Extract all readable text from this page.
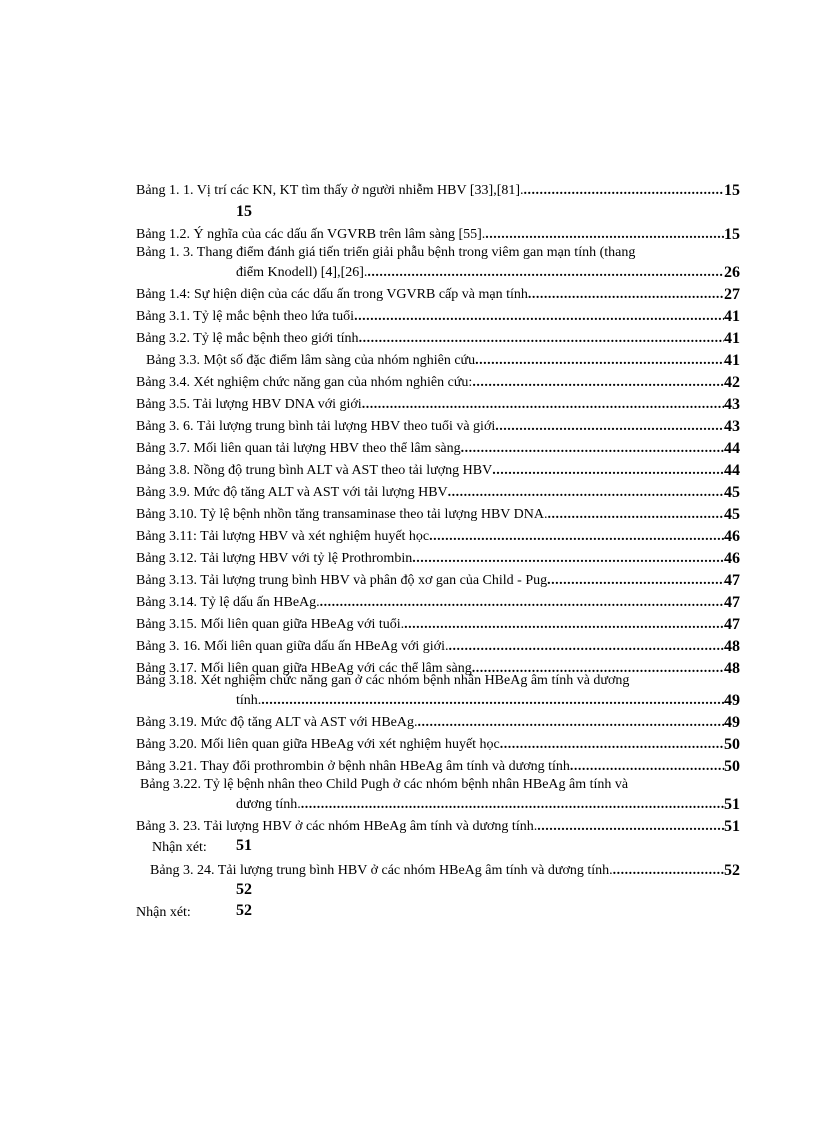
Bảng 1. 1. Vị trí các KN, KT tìm thấy ở người nhiễm HBV [33],[81]. .....	15
15
Bảng 1.2. Ý nghĩa của các dấu ấn VGVRB trên lâm sàng [55]. .....	15
Bảng 1. 3. Thang điểm đánh giá tiến triển giải phẫu bệnh trong viêm gan mạn tính (thang
điểm Knodell) [4],[26]. .....	26
Bảng 1.4: Sự hiện diện của các dấu ấn trong VGVRB cấp và mạn tính .....	27
Bảng 3.1. Tỷ lệ mắc bệnh theo lứa tuổi .....	41
Bảng 3.2. Tỷ lệ mắc bệnh theo giới tính .....	41
Bảng 3.3. Một số đặc điểm lâm sàng của nhóm nghiên cứu .....	41
Bảng 3.4. Xét nghiệm chức năng gan của nhóm nghiên cứu: .....	42
Bảng 3.5. Tải lượng HBV DNA với giới .....	43
Bảng 3. 6. Tải lượng trung bình tải lượng HBV theo tuổi và giới .....	43
Bảng 3.7. Mối liên quan tải lượng HBV theo thể lâm sàng .....	44
Bảng 3.8. Nồng độ trung bình ALT và AST theo tải lượng HBV .....	44
Bảng 3.9. Mức độ tăng ALT và AST với tải lượng HBV .....	45
Bảng 3.10. Tỷ lệ bệnh nhồn tăng transaminase theo tải lượng HBV DNA. .....	45
Bảng 3.11: Tải lượng HBV và xét nghiệm huyết học .....	46
Bảng 3.12. Tải lượng HBV với tỷ lệ Prothrombin .....	46
Bảng 3.13. Tải lượng trung bình HBV và phân độ xơ gan của Child - Pug .....	47
Bảng 3.14. Tỷ lệ dấu ấn HBeAg. .....	47
Bảng 3.15. Mối liên quan giữa HBeAg với tuổi. .....	47
Bảng 3. 16. Mối liên quan giữa dấu ấn HBeAg với giới. .....	48
Bảng 3.17. Mối liên quan giữa HBeAg với các thể lâm sàng .....	48
Bảng 3.18. Xét nghiệm chức năng gan ở các nhóm bệnh nhân HBeAg âm tính và dương
tính. .....	49
Bảng 3.19. Mức độ tăng ALT và AST với HBeAg. .....	49
Bảng 3.20. Mối liên quan giữa HBeAg với xét nghiệm huyết học .....	50
Bảng 3.21. Thay đổi prothrombin ở bệnh nhân HBeAg âm tính và dương tính .....	50
Bảng 3.22. Tỷ lệ bệnh nhân theo Child Pugh ở các nhóm bệnh nhân HBeAg âm tính và
dương tính. .....	51
Bảng 3. 23. Tải lượng HBV ở các nhóm HBeAg âm tính và dương tính. .....	51
Nhận xét: 51
Bảng 3. 24. Tải lượng trung bình HBV ở các nhóm HBeAg âm tính và dương tính. .....	52
52
Nhận xét:	52
